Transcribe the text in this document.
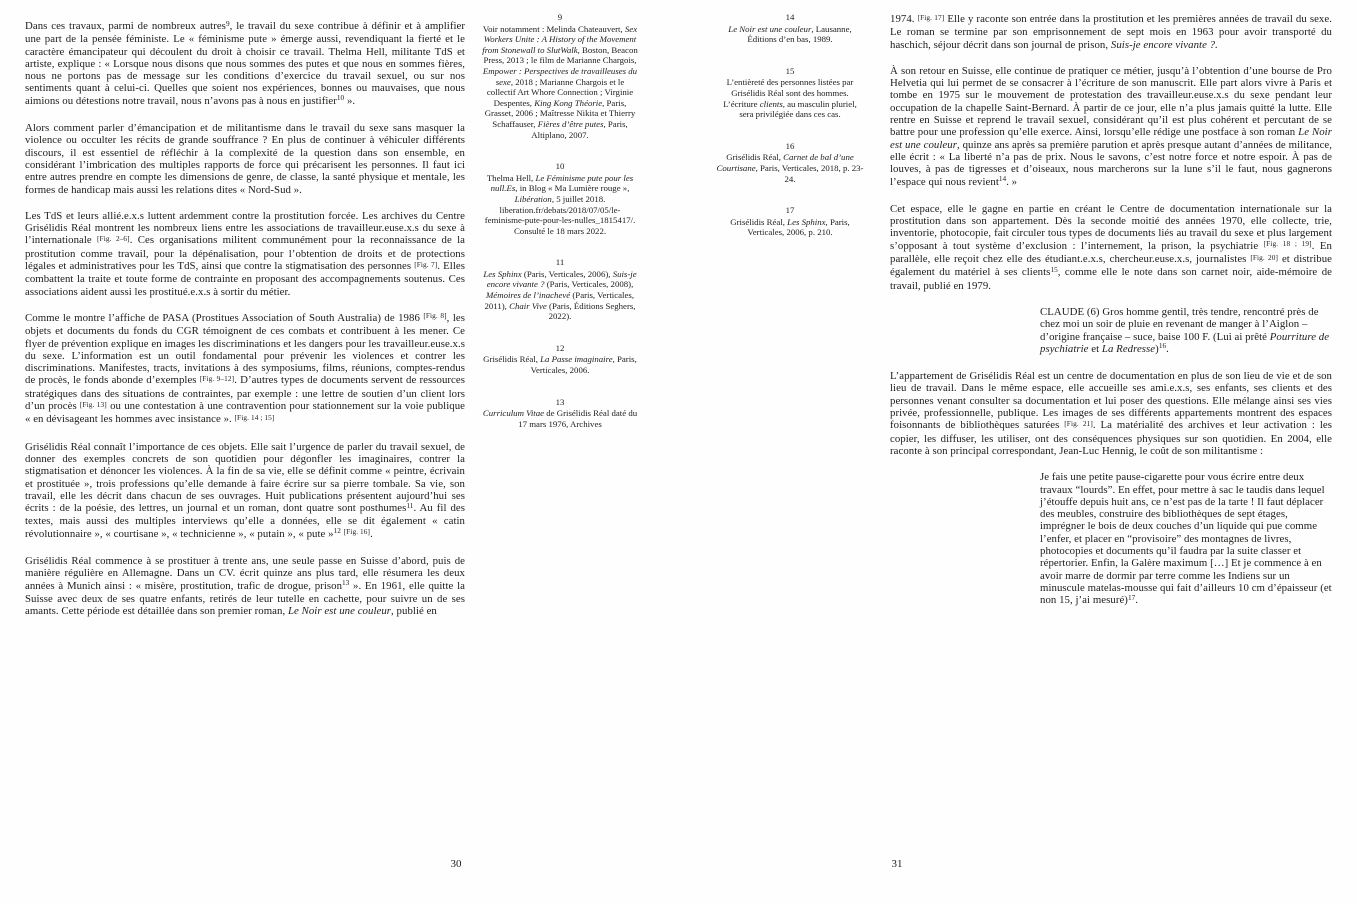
Dans ces travaux, parmi de nombreux autres$^9$, le travail du sexe contribue à définir et à amplifier une part de la pensée féministe. Le « féminisme pute » émerge aussi, revendiquant la fierté et le caractère émancipateur qui découlent du droit à choisir ce travail. Thelma Hell, militante TdS et artiste, explique : « Lorsque nous disons que nous sommes des putes et que nous en sommes fières, nous ne portons pas de message sur les conditions d’exercice du travail sexuel, ou sur nos sentiments quant à celui-ci. Quelles que soient nos expériences, bonnes ou mauvaises, que nous aimions ou détestions notre travail, nous n’avons pas à nous en justifier$^{10}$ ».

Alors comment parler d’émancipation et de militantisme dans le travail du sexe sans masquer la violence ou occulter les récits de grande souffrance ? En plus de continuer à véhiculer différents discours, il est essentiel de réfléchir à la complexité de la question dans son ensemble, en considérant l’imbrication des multiples rapports de force qui précarisent les personnes. Il faut ici entre autres prendre en compte les dimensions de genre, de classe, la santé physique et mentale, les formes de handicap mais aussi les relations dites « Nord-Sud ».

Les TdS et leurs allié.e.x.s luttent ardemment contre la prostitution forcée. Les archives du Centre Grisélidis Réal montrent les nombreux liens entre les associations de travailleur.euse.x.s du sexe à l’internationale [Fig. 2–6]. Ces organisations militent communément pour la reconnaissance de la prostitution comme travail, pour la dépénalisation, pour l’obtention de droits et de protections légales et administratives pour les TdS, ainsi que contre la stigmatisation des personnes [Fig. 7]. Elles combattent la traite et toute forme de contrainte en proposant des accompagnements soutenus. Ces associations aident aussi les prostitué.e.x.s à sortir du métier.

Comme le montre l’affiche de PASA (Prostitues Association of South Australia) de 1986 [Fig. 8], les objets et documents du fonds du CGR témoignent de ces combats et contribuent à les mener. Ce flyer de prévention explique en images les discriminations et les dangers pour les travailleur.euse.x.s du sexe. L’information est un outil fondamental pour prévenir les violences et contrer les discriminations. Manifestes, tracts, invitations à des symposiums, films, réunions, comptes-rendus de procès, le fonds abonde d’exemples [Fig. 9–12]. D’autres types de documents servent de ressources stratégiques dans des situations de contraintes, par exemple : une lettre de soutien d’un client lors d’un procès [Fig. 13] ou une contestation à une contravention pour stationnement sur la voie publique « en dévisageant les hommes avec insistance ». [Fig. 14 ; 15]

Grisélidis Réal connaît l’importance de ces objets. Elle sait l’urgence de parler du travail sexuel, de donner des exemples concrets de son quotidien pour dégonfler les imaginaires, contrer la stigmatisation et dénoncer les violences. À la fin de sa vie, elle se définit comme « peintre, écrivain et prostituée », trois professions qu’elle demande à faire écrire sur sa pierre tombale. Sa vie, son travail, elle les décrit dans chacun de ses ouvrages. Huit publications présentent aujourd’hui ses écrits : de la poésie, des lettres, un journal et un roman, dont quatre sont posthumes$^{11}$. Au fil des textes, mais aussi des multiples interviews qu’elle a données, elle se dit également « catin révolutionnaire », « courtisane », « technicienne », « putain », « pute »$^{12}$ [Fig. 16].

Grisélidis Réal commence à se prostituer à trente ans, une seule passe en Suisse d’abord, puis de manière régulière en Allemagne. Dans un CV. écrit quinze ans plus tard, elle résumera les deux années à Munich ainsi : « misère, prostitution, trafic de drogue, prison$^{13}$ ». En 1961, elle quitte la Suisse avec deux de ses quatre enfants, retirés de leur tutelle en cachette, pour suivre un de ses amants. Cette période est détaillée dans son premier roman, Le Noir est une couleur, publié en

9
Voir notamment : Melinda Chateauvert, Sex Workers Unite : A History of the Movement from Stonewall to SlutWalk, Boston, Beacon Press, 2013 ; le film de Marianne Chargois, Empower : Perspectives de travailleuses du sexe, 2018 ; Marianne Chargois et le collectif Art Whore Connection ; Virginie Despentes, King Kong Théorie, Paris, Grasset, 2006 ; Maîtresse Nikita et Thierry Schaffauser, Fières d’être putes, Paris, Altiplano, 2007.
10
Thelma Hell, Le Féminisme pute pour les null.Es, in Blog « Ma Lumière rouge », Libération, 5 juillet 2018. liberation.fr/debats/2018/07/05/le-feminisme-pute-pour-les-nulles_1815417/. Consulté le 18 mars 2022.
11
Les Sphinx (Paris, Verticales, 2006), Suis-je encore vivante ? (Paris, Verticales, 2008), Mémoires de l’inachevé (Paris, Verticales, 2011), Chair Vive (Paris, Éditions Seghers, 2022).
12
Grisélidis Réal, La Passe imaginaire, Paris, Verticales, 2006.
13
Curriculum Vitae de Grisélidis Réal daté du 17 mars 1976, Archives
30
14
Le Noir est une couleur, Lausanne, Éditions d’en bas, 1989.
15
L’entièreté des personnes listées par Grisélidis Réal sont des hommes. L’écriture clients, au masculin pluriel, sera privilégiée dans ces cas.
16
Grisélidis Réal, Carnet de bal d’une Courtisane, Paris, Verticales, 2018, p. 23-24.
17
Grisélidis Réal, Les Sphinx, Paris, Verticales, 2006, p. 210.

1974. [Fig. 17] Elle y raconte son entrée dans la prostitution et les premières années de travail du sexe. Le roman se termine par son emprisonnement de sept mois en 1963 pour avoir transporté du haschich, séjour décrit dans son journal de prison, Suis-je encore vivante ?.

À son retour en Suisse, elle continue de pratiquer ce métier, jusqu’à l’obtention d’une bourse de Pro Helvetia qui lui permet de se consacrer à l’écriture de son manuscrit. Elle part alors vivre à Paris et tombe en 1975 sur le mouvement de protestation des travailleur.euse.x.s du sexe pendant leur occupation de la chapelle Saint-Bernard. À partir de ce jour, elle n’a plus jamais quitté la lutte. Elle rentre en Suisse et reprend le travail sexuel, considérant qu’il est plus cohérent et percutant de se battre pour une profession qu’elle exerce. Ainsi, lorsqu’elle rédige une postface à son roman Le Noir est une couleur, quinze ans après sa première parution et après presque autant d’années de militance, elle écrit : « La liberté n’a pas de prix. Nous le savons, c’est notre force et notre espoir. À pas de louves, à pas de tigresses et d’oiseaux, nous marcherons sur la lune s’il le faut, nous gagnerons l’espace qui nous revient$^{14}$. »

Cet espace, elle le gagne en partie en créant le Centre de documentation internationale sur la prostitution dans son appartement. Dès la seconde moitié des années 1970, elle collecte, trie, inventorie, photocopie, fait circuler tous types de documents liés au travail du sexe et plus largement s’opposant à tout système d’exclusion : l’internement, la prison, la psychiatrie [Fig. 18 ; 19]. En parallèle, elle reçoit chez elle des étudiant.e.x.s, chercheur.euse.x.s, journalistes [Fig. 20] et distribue également du matériel à ses clients$^{15}$, comme elle le note dans son carnet noir, aide-mémoire de travail, publié en 1979.

CLAUDE (6) Gros homme gentil, très tendre, rencontré près de chez moi un soir de pluie en revenant de manger à l’Aiglon – d’origine française – suce, baise 100 F. (Lui ai prêté Pourriture de psychiatrie et La Redresse)$^{16}$.

L’appartement de Grisélidis Réal est un centre de documentation en plus de son lieu de vie et de son lieu de travail. Dans le même espace, elle accueille ses ami.e.x.s, ses enfants, ses clients et des personnes venant consulter sa documentation et lui poser des questions. Elle mélange ainsi ses vies privée, professionnelle, publique. Les images de ses différents appartements montrent des espaces foisonnants de bibliothèques saturées [Fig. 21]. La matérialité des archives et leur activation : les copier, les diffuser, les utiliser, ont des conséquences physiques sur son quotidien. En 2004, elle raconte à son principal correspondant, Jean-Luc Hennig, le coût de son militantisme :

Je fais une petite pause-cigarette pour vous écrire entre deux travaux “lourds”. En effet, pour mettre à sac le taudis dans lequel j’étouffe depuis huit ans, ce n’est pas de la tarte ! Il faut déplacer des meubles, construire des bibliothèques de sept étages, imprégner le bois de deux couches d’un liquide qui pue comme l’enfer, et placer en “provisoire” des montagnes de livres, photocopies et documents qu’il faudra par la suite classer et répertorier. Enfin, la Galère maximum […] Et je commence à en avoir marre de dormir par terre comme les Indiens sur un minuscule matelas-mousse qui fait d’ailleurs 10 cm d’épaisseur (et non 15, j’ai mesuré)$^{17}$.

31
